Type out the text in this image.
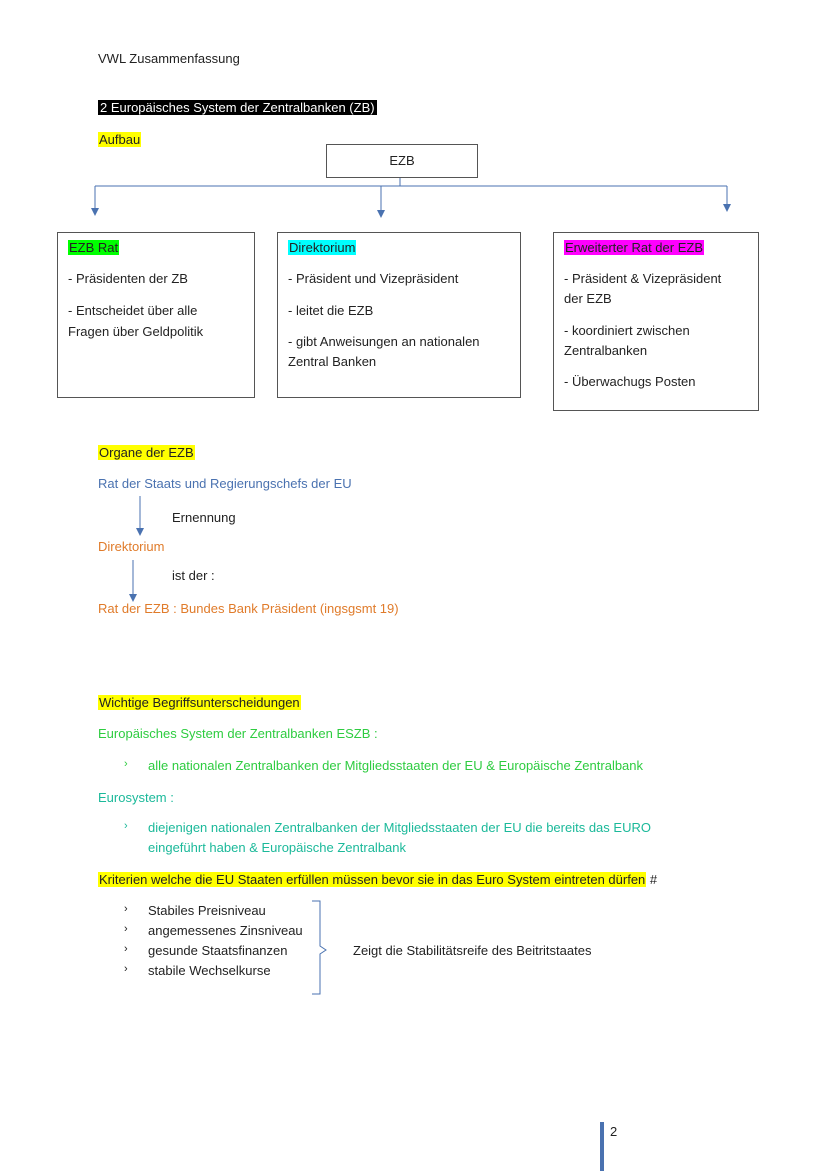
VWL Zusammenfassung
2 Europäisches System der Zentralbanken (ZB)
Aufbau
EZB
EZB Rat
- Präsidenten der ZB
- Entscheidet über alle
Fragen über Geldpolitik
Direktorium
- Präsident und Vizepräsident
- leitet die EZB
- gibt Anweisungen an nationalen
Zentral Banken
Erweiterter Rat der EZB
- Präsident & Vizepräsident
der EZB
- koordiniert zwischen
Zentralbanken
- Überwachugs Posten
Organe der EZB
Rat der Staats und Regierungschefs der EU
Ernennung
Direktorium
ist der :
Rat der EZB : Bundes Bank Präsident (ingsgsmt 19)
Wichtige Begriffsunterscheidungen
Europäisches System der Zentralbanken ESZB :
› alle nationalen Zentralbanken der Mitgliedsstaaten der EU & Europäische Zentralbank
Eurosystem :
› diejenigen nationalen Zentralbanken der Mitgliedsstaaten der EU die bereits das EURO
eingeführt haben & Europäische Zentralbank
Kriterien welche die EU Staaten erfüllen müssen bevor sie in das Euro System eintreten dürfen #
› Stabiles Preisniveau
› angemessenes Zinsniveau
› gesunde Staatsfinanzen
› stabile Wechselkurse
Zeigt die Stabilitätsreife des Beitritstaates
2
